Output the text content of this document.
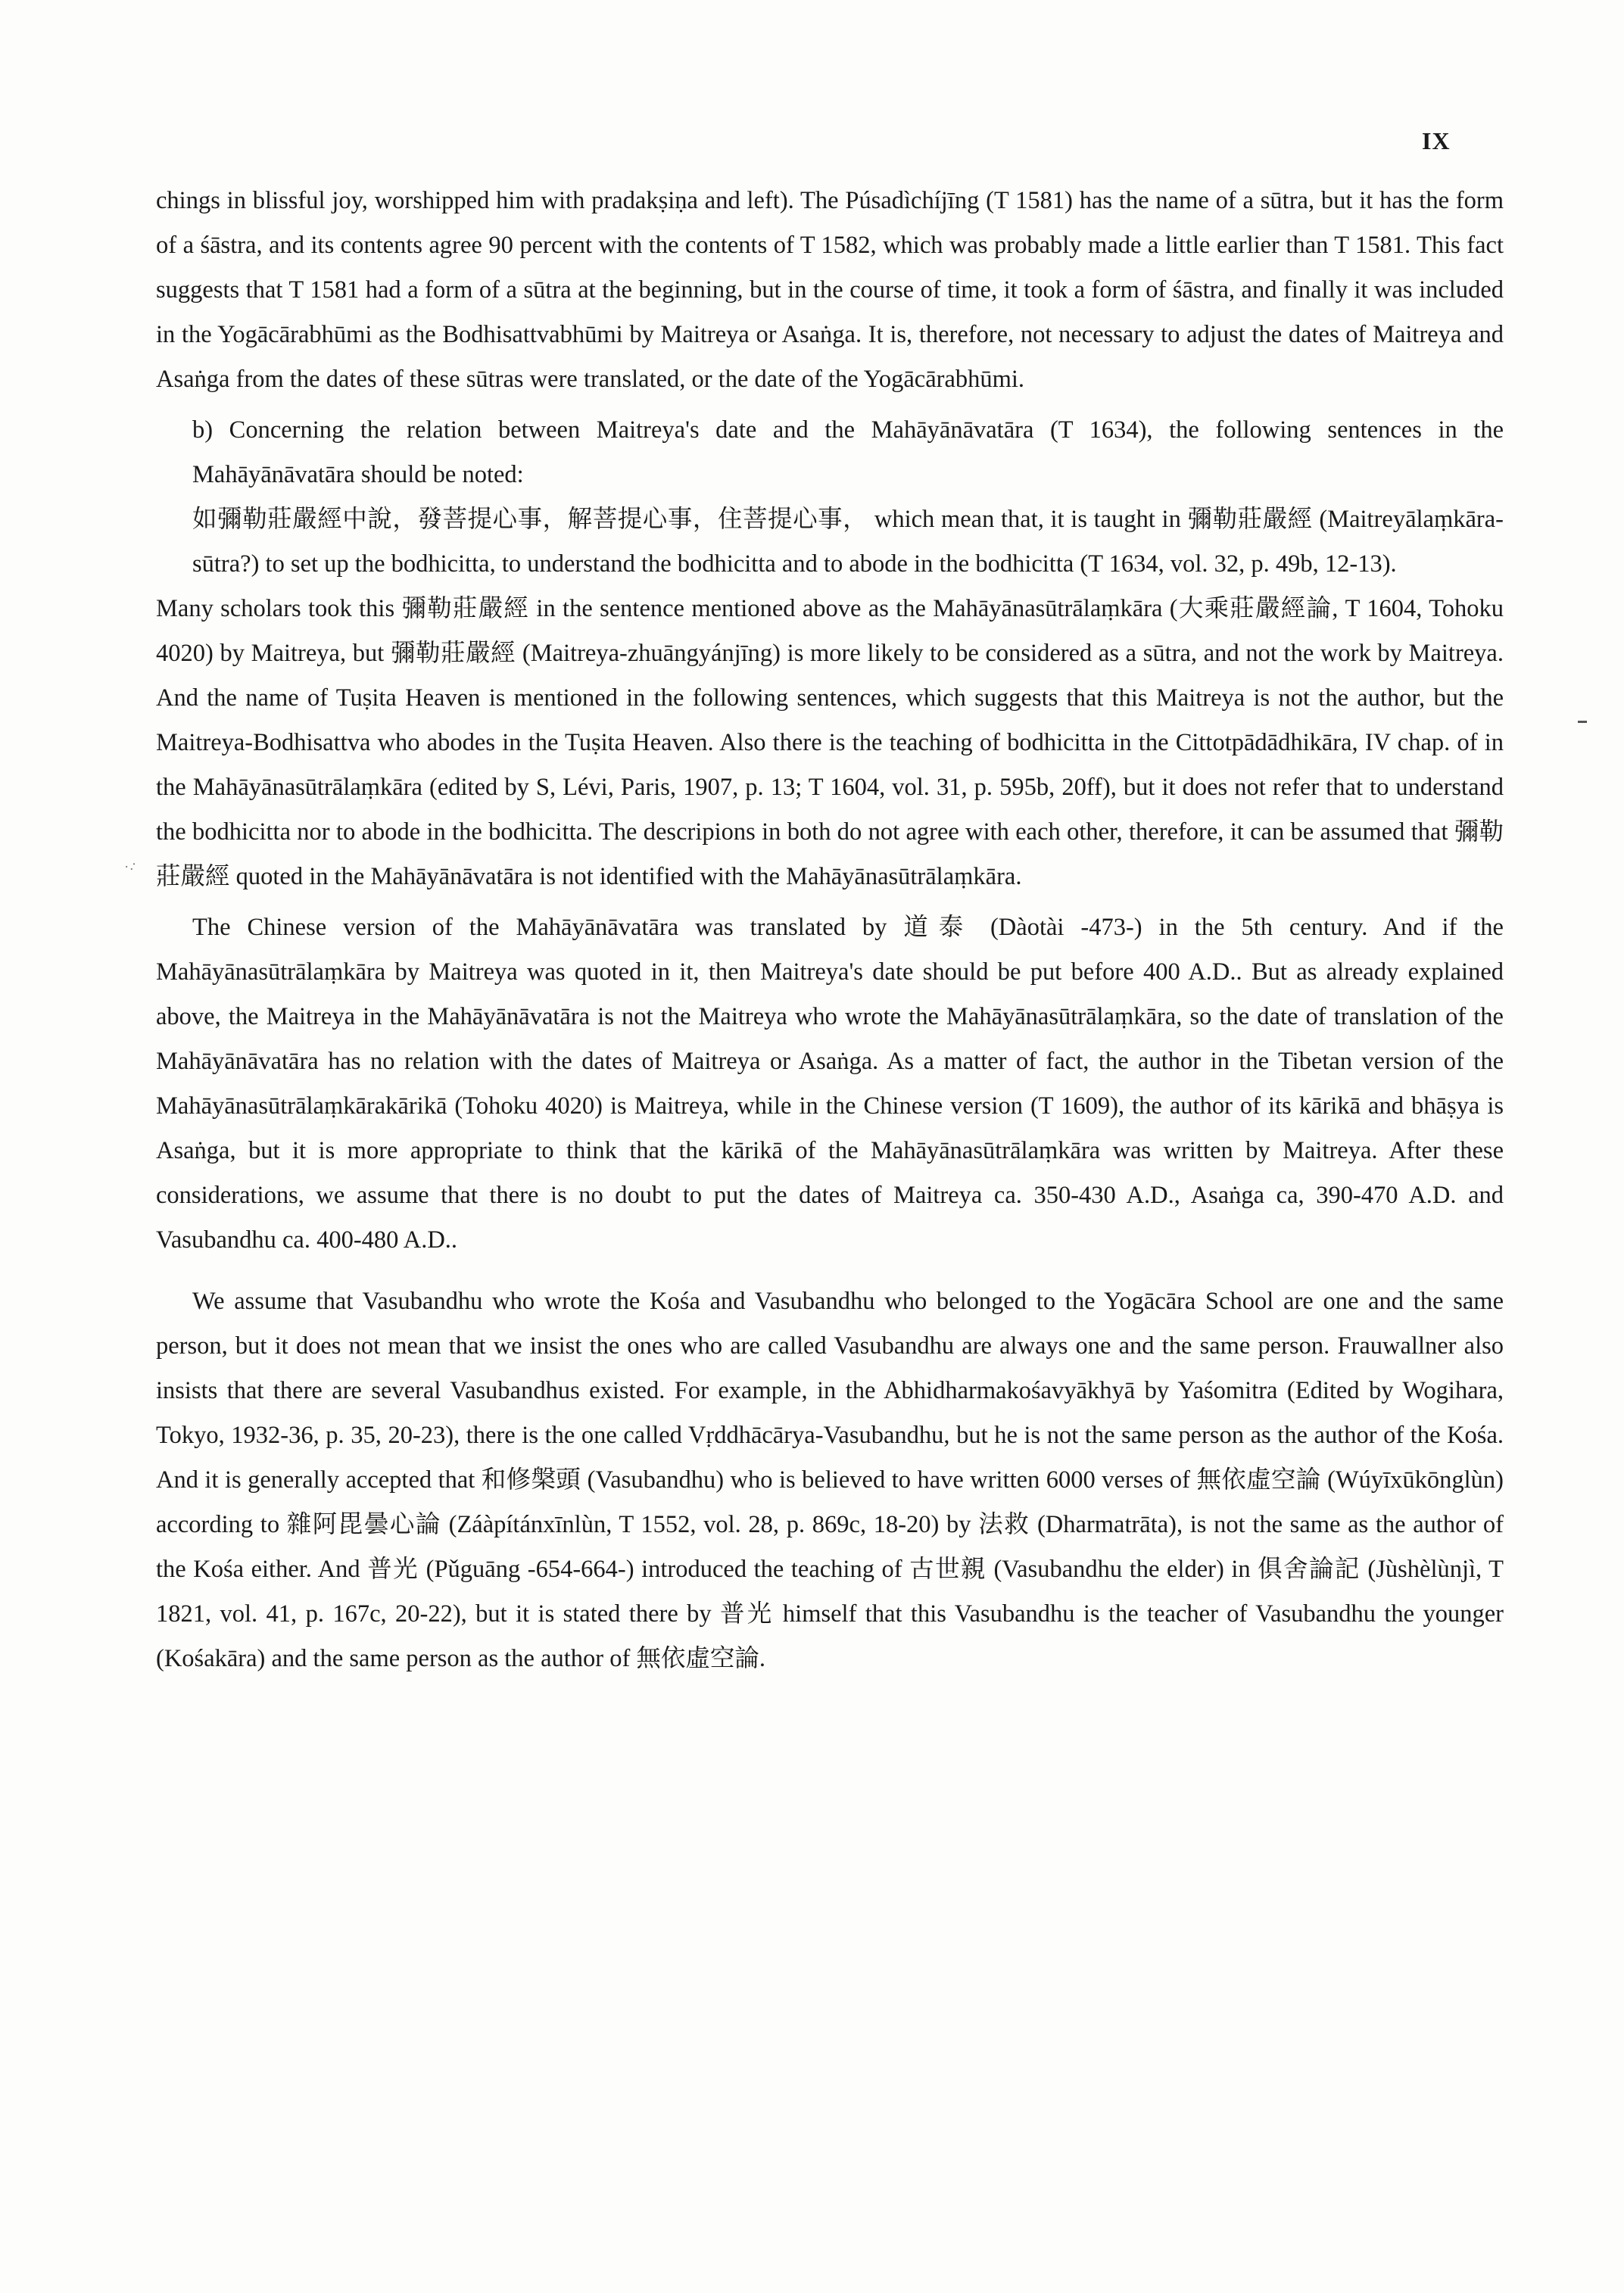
IX

chings in blissful joy, worshipped him with pradakṣiṇa and left). The Púsadìchíjīng (T 1581) has the name of a sūtra, but it has the form of a śāstra, and its contents agree 90 percent with the contents of T 1582, which was probably made a little earlier than T 1581. This fact suggests that T 1581 had a form of a sūtra at the beginning, but in the course of time, it took a form of śāstra, and finally it was included in the Yogācārabhūmi as the Bodhisattvabhūmi by Maitreya or Asaṅga. It is, therefore, not necessary to adjust the dates of Maitreya and Asaṅga from the dates of these sūtras were translated, or the date of the Yogācārabhūmi.

b) Concerning the relation between Maitreya's date and the Mahāyānāvatāra (T 1634), the following sentences in the Mahāyānāvatāra should be noted:

如彌勒莊嚴經中說，發菩提心事，解菩提心事，住菩提心事， which mean that, it is taught in 彌勒莊嚴經 (Maitreyālaṃkāra-sūtra?) to set up the bodhicitta, to understand the bodhicitta and to abode in the bodhicitta (T 1634, vol. 32, p. 49b, 12-13).

Many scholars took this 彌勒莊嚴經 in the sentence mentioned above as the Mahāyānasūtrālaṃkāra (大乘莊嚴經論, T 1604, Tohoku 4020) by Maitreya, but 彌勒莊嚴經 (Maitreya-zhuāngyánjīng) is more likely to be considered as a sūtra, and not the work by Maitreya. And the name of Tuṣita Heaven is mentioned in the following sentences, which suggests that this Maitreya is not the author, but the Maitreya-Bodhisattva who abodes in the Tuṣita Heaven. Also there is the teaching of bodhicitta in the Cittotpādādhikāra, IV chap. of in the Mahāyānasūtrālaṃkāra (edited by S, Lévi, Paris, 1907, p. 13; T 1604, vol. 31, p. 595b, 20ff), but it does not refer that to understand the bodhicitta nor to abode in the bodhicitta. The descripions in both do not agree with each other, therefore, it can be assumed that 彌勒莊嚴經 quoted in the Mahāyānāvatāra is not identified with the Mahāyānasūtrālaṃkāra.

The Chinese version of the Mahāyānāvatāra was translated by 道泰 (Dàotài -473-) in the 5th century. And if the Mahāyānasūtrālaṃkāra by Maitreya was quoted in it, then Maitreya's date should be put before 400 A.D.. But as already explained above, the Maitreya in the Mahāyānāvatāra is not the Maitreya who wrote the Mahāyānasūtrālaṃkāra, so the date of translation of the Mahāyānāvatāra has no relation with the dates of Maitreya or Asaṅga. As a matter of fact, the author in the Tibetan version of the Mahāyānasūtrālaṃkārakārikā (Tohoku 4020) is Maitreya, while in the Chinese version (T 1609), the author of its kārikā and bhāṣya is Asaṅga, but it is more appropriate to think that the kārikā of the Mahāyānasūtrālaṃkāra was written by Maitreya. After these considerations, we assume that there is no doubt to put the dates of Maitreya ca. 350-430 A.D., Asaṅga ca, 390-470 A.D. and Vasubandhu ca. 400-480 A.D..

We assume that Vasubandhu who wrote the Kośa and Vasubandhu who belonged to the Yogācāra School are one and the same person, but it does not mean that we insist the ones who are called Vasubandhu are always one and the same person. Frauwallner also insists that there are several Vasubandhus existed. For example, in the Abhidharmakośavyākhyā by Yaśomitra (Edited by Wogihara, Tokyo, 1932-36, p. 35, 20-23), there is the one called Vṛddhācārya-Vasubandhu, but he is not the same person as the author of the Kośa. And it is generally accepted that 和修槃頭 (Vasubandhu) who is believed to have written 6000 verses of 無依虛空論 (Wúyīxūkōnglùn) according to 雜阿毘曇心論 (Záàpítánxīnlùn, T 1552, vol. 28, p. 869c, 18-20) by 法救 (Dharmatrāta), is not the same as the author of the Kośa either. And 普光 (Pǔguāng -654-664-) introduced the teaching of 古世親 (Vasubandhu the elder) in 俱舍論記 (Jùshèlùnjì, T 1821, vol. 41, p. 167c, 20-22), but it is stated there by 普光 himself that this Vasubandhu is the teacher of Vasubandhu the younger (Kośakāra) and the same person as the author of 無依虛空論.

·.·
